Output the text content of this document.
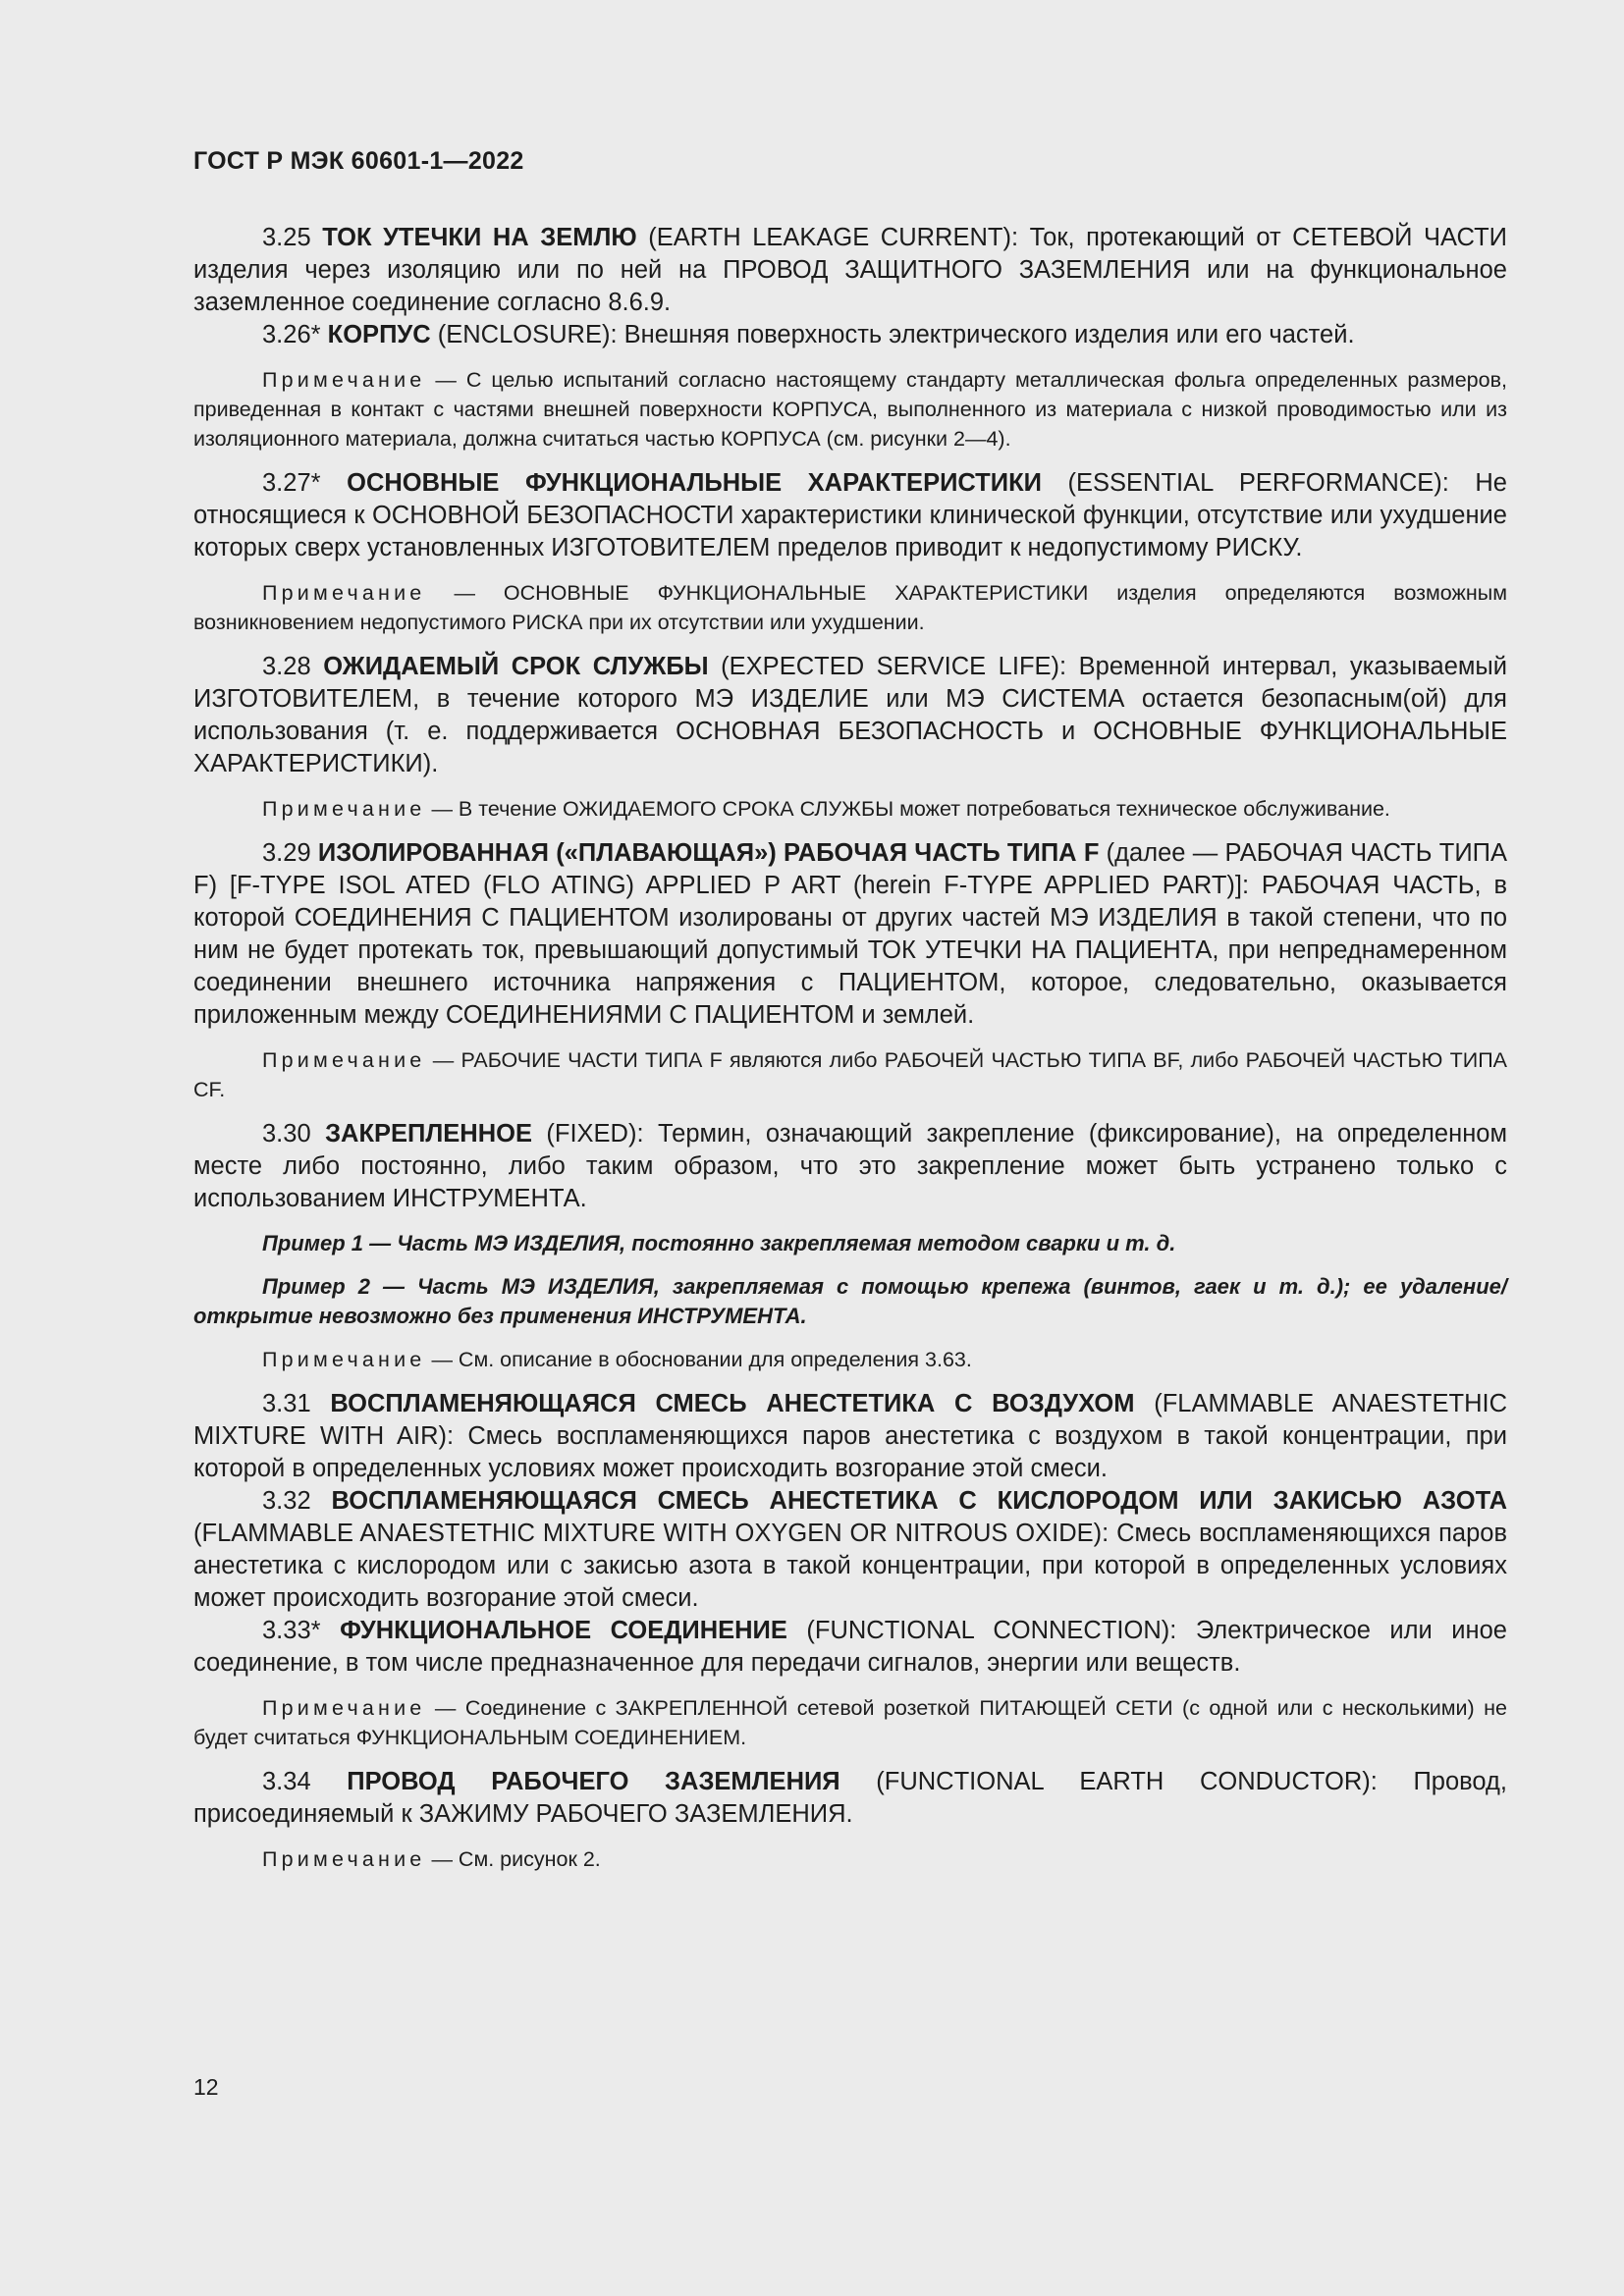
ГОСТ Р МЭК 60601-1—2022

3.25 ТОК УТЕЧКИ НА ЗЕМЛЮ (EARTH LEAKAGE CURRENT): Ток, протекающий от СЕТЕВОЙ ЧАСТИ изделия через изоляцию или по ней на ПРОВОД ЗАЩИТНОГО ЗАЗЕМЛЕНИЯ или на функциональное заземленное соединение согласно 8.6.9.

3.26* КОРПУС (ENCLOSURE): Внешняя поверхность электрического изделия или его частей.

Примечание — С целью испытаний согласно настоящему стандарту металлическая фольга определенных размеров, приведенная в контакт с частями внешней поверхности КОРПУСА, выполненного из материала с низкой проводимостью или из изоляционного материала, должна считаться частью КОРПУСА (см. рисунки 2—4).

3.27* ОСНОВНЫЕ ФУНКЦИОНАЛЬНЫЕ ХАРАКТЕРИСТИКИ (ESSENTIAL PERFORMANCE): Не относящиеся к ОСНОВНОЙ БЕЗОПАСНОСТИ характеристики клинической функции, отсутствие или ухудшение которых сверх установленных ИЗГОТОВИТЕЛЕМ пределов приводит к недопустимому РИСКУ.

Примечание — ОСНОВНЫЕ ФУНКЦИОНАЛЬНЫЕ ХАРАКТЕРИСТИКИ изделия определяются возможным возникновением недопустимого РИСКА при их отсутствии или ухудшении.

3.28 ОЖИДАЕМЫЙ СРОК СЛУЖБЫ (EXPECTED SERVICE LIFE): Временной интервал, указываемый ИЗГОТОВИТЕЛЕМ, в течение которого МЭ ИЗДЕЛИЕ или МЭ СИСТЕМА остается безопасным(ой) для использования (т. е. поддерживается ОСНОВНАЯ БЕЗОПАСНОСТЬ и ОСНОВНЫЕ ФУНКЦИОНАЛЬНЫЕ ХАРАКТЕРИСТИКИ).

Примечание — В течение ОЖИДАЕМОГО СРОКА СЛУЖБЫ может потребоваться техническое обслуживание.

3.29 ИЗОЛИРОВАННАЯ («ПЛАВАЮЩАЯ») РАБОЧАЯ ЧАСТЬ ТИПА F (далее — РАБОЧАЯ ЧАСТЬ ТИПА F) [F-TYPE ISOL ATED (FLO ATING) APPLIED P ART (herein F-TYPE APPLIED PART)]: РАБОЧАЯ ЧАСТЬ, в которой СОЕДИНЕНИЯ С ПАЦИЕНТОМ изолированы от других частей МЭ ИЗДЕЛИЯ в такой степени, что по ним не будет протекать ток, превышающий допустимый ТОК УТЕЧКИ НА ПАЦИЕНТА, при непреднамеренном соединении внешнего источника напряжения с ПАЦИЕНТОМ, которое, следовательно, оказывается приложенным между СОЕДИНЕНИЯМИ С ПАЦИЕНТОМ и землей.

Примечание — РАБОЧИЕ ЧАСТИ ТИПА F являются либо РАБОЧЕЙ ЧАСТЬЮ ТИПА BF, либо РАБОЧЕЙ ЧАСТЬЮ ТИПА CF.

3.30 ЗАКРЕПЛЕННОЕ (FIXED): Термин, означающий закрепление (фиксирование), на определенном месте либо постоянно, либо таким образом, что это закрепление может быть устранено только с использованием ИНСТРУМЕНТА.

Пример 1 — Часть МЭ ИЗДЕЛИЯ, постоянно закрепляемая методом сварки и т. д.

Пример 2 — Часть МЭ ИЗДЕЛИЯ, закрепляемая с помощью крепежа (винтов, гаек и т. д.); ее удаление/открытие невозможно без применения ИНСТРУМЕНТА.

Примечание — См. описание в обосновании для определения 3.63.

3.31 ВОСПЛАМЕНЯЮЩАЯСЯ СМЕСЬ АНЕСТЕТИКА С ВОЗДУХОМ (FLAMMABLE ANAESTETHIC MIXTURE WITH AIR): Смесь воспламеняющихся паров анестетика с воздухом в такой концентрации, при которой в определенных условиях может происходить возгорание этой смеси.

3.32 ВОСПЛАМЕНЯЮЩАЯСЯ СМЕСЬ АНЕСТЕТИКА С КИСЛОРОДОМ ИЛИ ЗАКИСЬЮ АЗОТА (FLAMMABLE ANAESTETHIC MIXTURE WITH OXYGEN OR NITROUS OXIDE): Смесь воспламеняющихся паров анестетика с кислородом или с закисью азота в такой концентрации, при которой в определенных условиях может происходить возгорание этой смеси.

3.33* ФУНКЦИОНАЛЬНОЕ СОЕДИНЕНИЕ (FUNCTIONAL CONNECTION): Электрическое или иное соединение, в том числе предназначенное для передачи сигналов, энергии или веществ.

Примечание — Соединение с ЗАКРЕПЛЕННОЙ сетевой розеткой ПИТАЮЩЕЙ СЕТИ (с одной или с несколькими) не будет считаться ФУНКЦИОНАЛЬНЫМ СОЕДИНЕНИЕМ.

3.34 ПРОВОД РАБОЧЕГО ЗАЗЕМЛЕНИЯ (FUNCTIONAL EARTH CONDUCTOR): Провод, присоединяемый к ЗАЖИМУ РАБОЧЕГО ЗАЗЕМЛЕНИЯ.

Примечание — См. рисунок 2.

12
